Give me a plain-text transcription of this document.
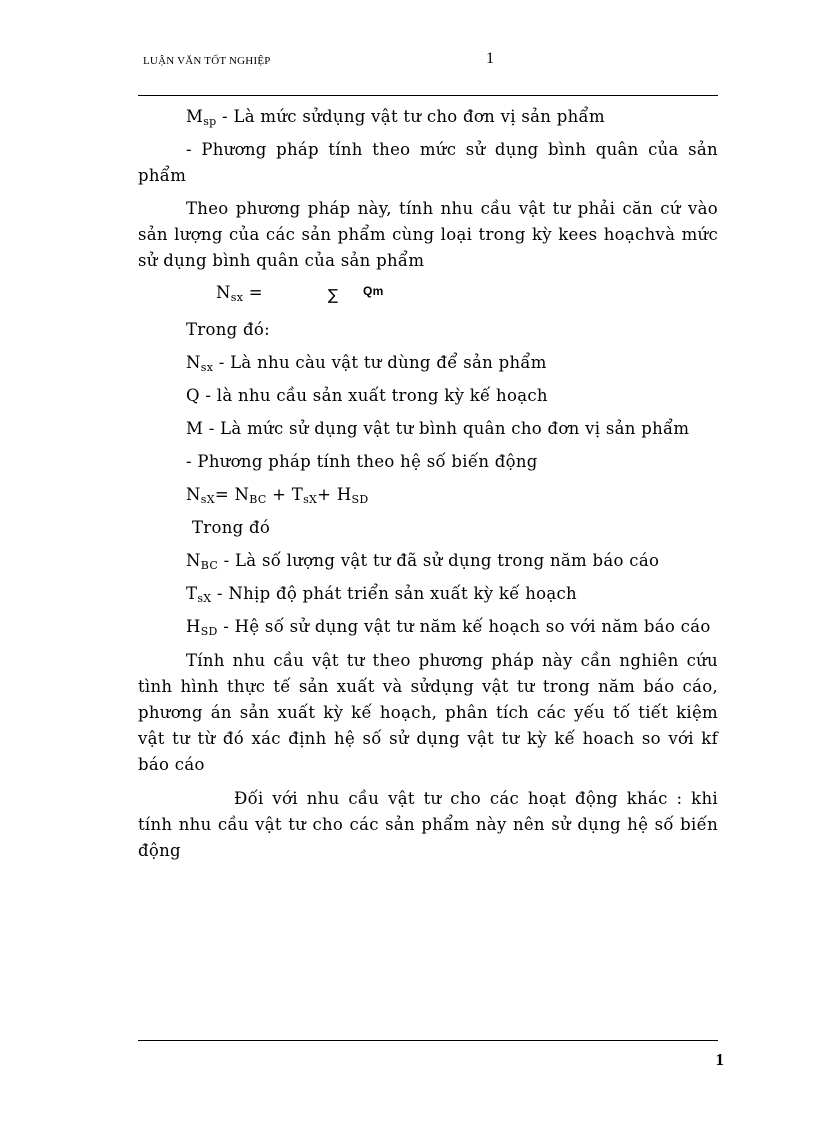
LUẬN VĂN TỐT NGHIỆP	1

$M_{sp}$ - Là mức sửdụng vật tư cho đơn vị sản phẩm

- Phương pháp tính theo mức sử dụng bình quân của sản phẩm

Theo phương pháp này, tính nhu cầu vật tư phải căn cứ vào sản lượng của các sản phẩm cùng loại trong kỳ kees hoạchvà mức sử dụng bình quân của sản phẩm

$N_{sx}$ =	∑ Qm

Trong đó:

$N_{sx}$ - Là nhu càu vật tư dùng để sản phẩm

Q - là nhu cầu sản xuất trong kỳ kế hoạch

M - Là mức sử dụng vật tư bình quân cho đơn vị sản phẩm

- Phương pháp tính theo hệ số biến động

$N_{sX}= N_{BC} + T_{sX}+ H_{SD}$

Trong đó

$N_{BC}$ - Là số lượng vật tư đã sử dụng trong năm báo cáo

$T_{sX}$ - Nhịp độ phát triển sản xuất kỳ kế hoạch

$H_{SD}$ - Hệ số sử dụng vật tư năm kế hoạch so với năm báo cáo

Tính nhu cầu vật tư theo phương pháp này cần nghiên cứu tình hình thực tế sản xuất và sửdụng vật tư trong năm báo cáo, phương án sản xuất kỳ kế hoạch, phân tích các yếu tố tiết kiệm vật tư từ đó xác định hệ số sử dụng vật tư kỳ kế hoach so với kf báo cáo

Đối với nhu cầu vật tư cho các hoạt động khác : khi tính nhu cầu vật tư cho các sản phẩm này nên sử dụng hệ số biến động

1
